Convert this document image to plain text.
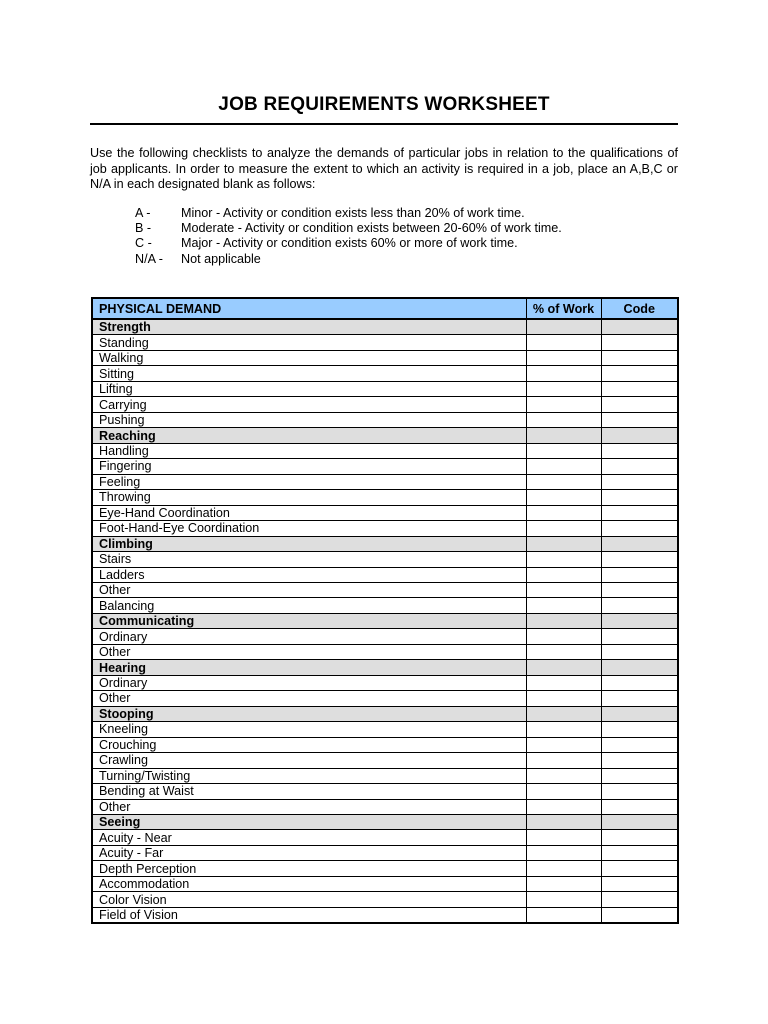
JOB REQUIREMENTS WORKSHEET
Use the following checklists to analyze the demands of particular jobs in relation to the qualifications of job applicants. In order to measure the extent to which an activity is required in a job, place an A,B,C or N/A in each designated blank as follows:
A -	Minor - Activity or condition exists less than 20% of work time.
B -	Moderate - Activity or condition exists between 20-60% of work time.
C -	Major - Activity or condition exists 60% or more of work time.
N/A -	Not applicable
PHYSICAL DEMAND	% of Work	Code
Strength		
Standing		
Walking		
Sitting		
Lifting		
Carrying		
Pushing		
Reaching		
Handling		
Fingering		
Feeling		
Throwing		
Eye-Hand Coordination		
Foot-Hand-Eye Coordination		
Climbing		
Stairs		
Ladders		
Other		
Balancing		
Communicating		
Ordinary		
Other		
Hearing		
Ordinary		
Other		
Stooping		
Kneeling		
Crouching		
Crawling		
Turning/Twisting		
Bending at Waist		
Other		
Seeing		
Acuity - Near		
Acuity - Far		
Depth Perception		
Accommodation		
Color Vision		
Field of Vision		
